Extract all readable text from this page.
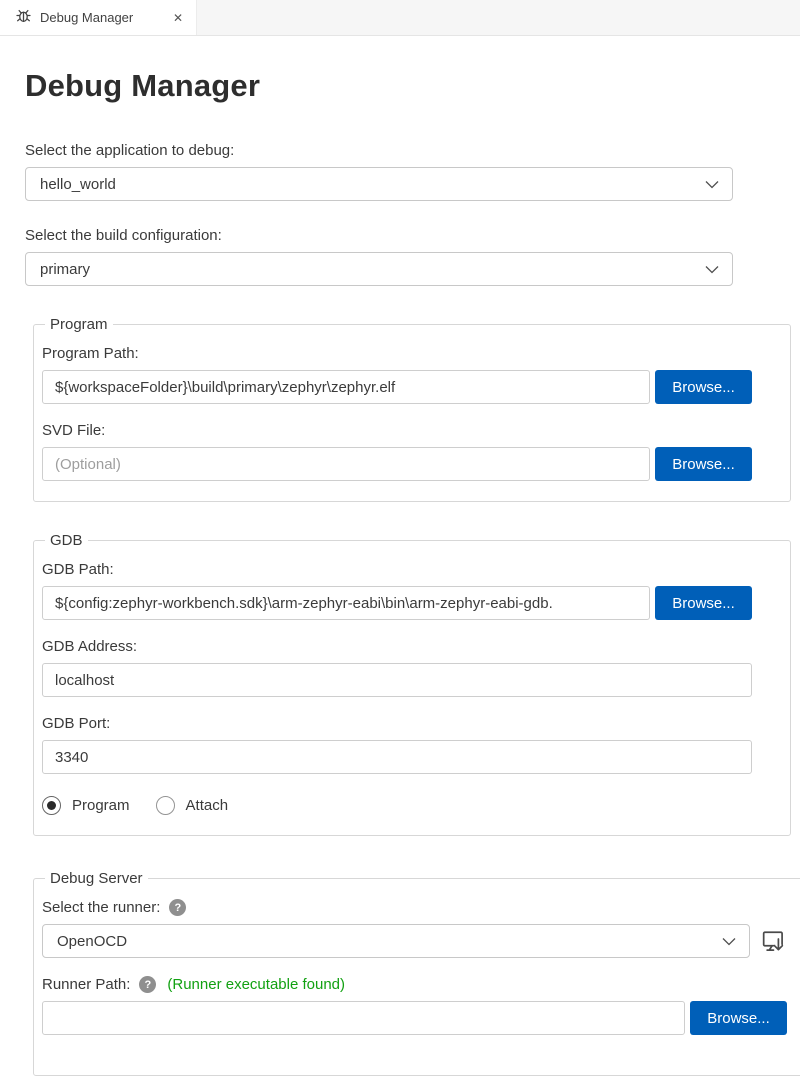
Debug Manager	✕
Debug Manager
Select the application to debug:
hello_world
Select the build configuration:
primary
Program
Program Path:
${workspaceFolder}\build\primary\zephyr\zephyr.elf
Browse...
SVD File:
(Optional)
Browse...
GDB
GDB Path:
${config:zephyr-workbench.sdk}\arm-zephyr-eabi\bin\arm-zephyr-eabi-gdb.
Browse...
GDB Address:
localhost
GDB Port:
3340
Program	Attach
Debug Server
Select the runner:	?
OpenOCD
Runner Path:	?	(Runner executable found)
Browse...
